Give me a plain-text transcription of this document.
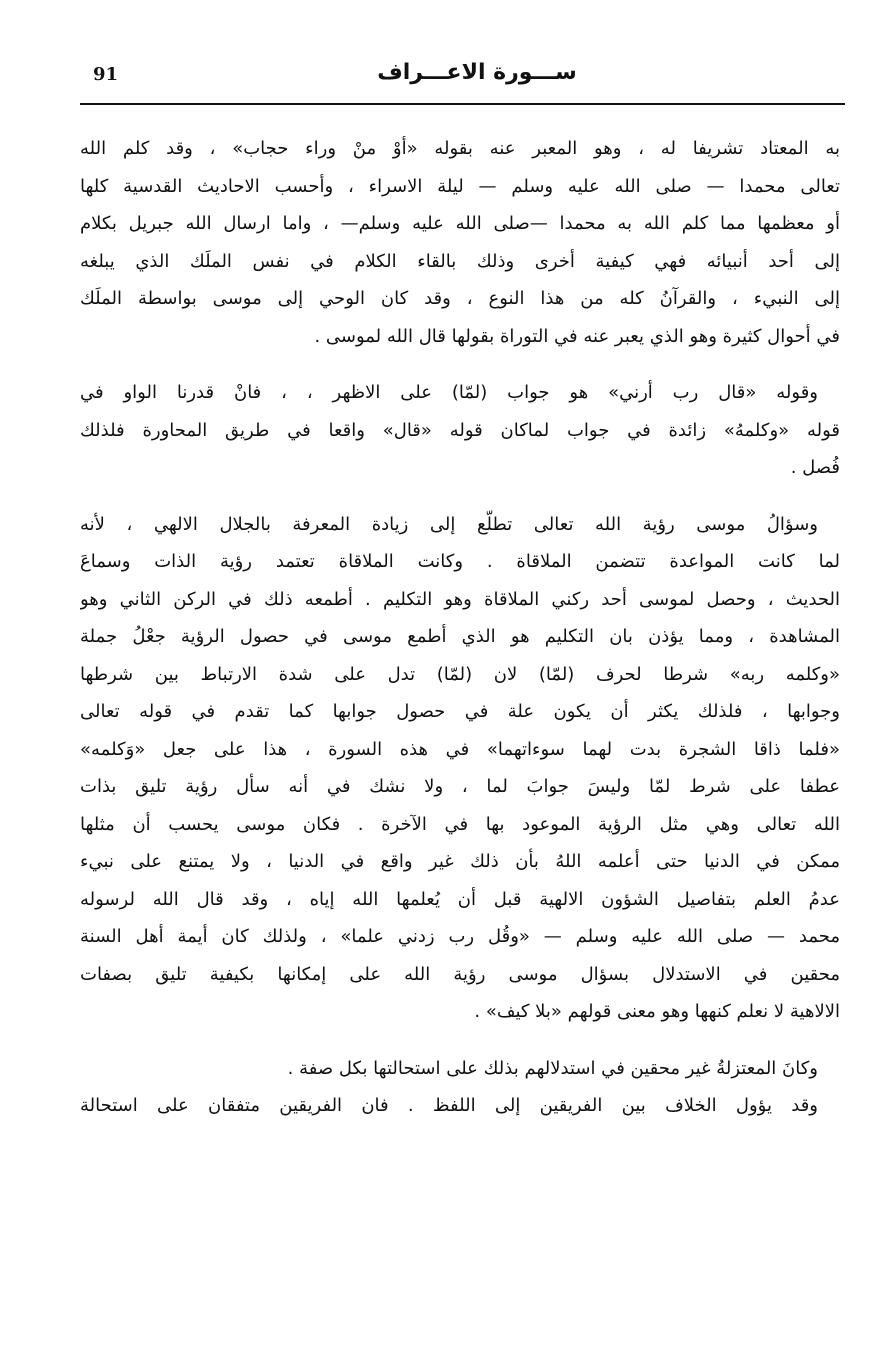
91	ســـورة الاعـــراف
به المعتاد تشريفا له ، وهو المعبر عنه بقوله «أوْ منْ وراء حجاب» ، وقد كلم الله
تعالى محمدا — صلى الله عليه وسلم — ليلة الاسراء ، وأحسب الاحاديث القدسية كلها
أو معظمها مما كلم الله به محمدا —صلى الله عليه وسلم— ، واما ارسال الله جبريل بكلام
إلى أحد أنبيائه فهي كيفية أخرى وذلك بالقاء الكلام في نفس الملَك الذي يبلغه
إلى النبيء ، والقرآنُ كله من هذا النوع ، وقد كان الوحي إلى موسى بواسطة الملَك
في أحوال كثيرة وهو الذي يعبر عنه في التوراة بقولها قال الله لموسى .
وقوله «قال رب أرني» هو جواب (لمّا) على الاظهر ، ، فانْ قدرنا الواو في
قوله «وكلمهُ» زائدة في جواب لماكان قوله «قال» واقعا في طريق المحاورة فلذلك
فُصل .
وسؤالُ موسى رؤية الله تعالى تطلّع إلى زيادة المعرفة بالجلال الالهي ، لأنه
لما كانت المواعدة تتضمن الملاقاة . وكانت الملاقاة تعتمد رؤية الذات وسماعَ
الحديث ، وحصل لموسى أحد ركني الملاقاة وهو التكليم . أطمعه ذلك في الركن الثاني وهو
المشاهدة ، ومما يؤذن بان التكليم هو الذي أطمع موسى في حصول الرؤية جعْلُ جملة
«وكلمه ربه» شرطا لحرف (لمّا) لان (لمّا) تدل على شدة الارتباط بين شرطها
وجوابها ، فلذلك يكثر أن يكون علة في حصول جوابها كما تقدم في قوله تعالى
«فلما ذاقا الشجرة بدت لهما سوءاتهما» في هذه السورة ، هذا على جعل «وَكلمه»
عطفا على شرط لمّا وليسَ جوابَ لما ، ولا نشك في أنه سأل رؤية تليق بذات
الله تعالى وهي مثل الرؤية الموعود بها في الآخرة . فكان موسى يحسب أن مثلها
ممكن في الدنيا حتى أعلمه اللهُ بأن ذلك غير واقع في الدنيا ، ولا يمتنع على نبيء
عدمُ العلم بتفاصيل الشؤون الالهية قبل أن يُعلمها الله إياه ، وقد قال الله لرسوله
محمد — صلى الله عليه وسلم — «وقُل رب زدني علما» ، ولذلك كان أيمة أهل السنة
محقين في الاستدلال بسؤال موسى رؤية الله على إمكانها بكيفية تليق بصفات
الالاهية لا نعلم كنهها وهو معنى قولهم «بلا كيف» .
وكانَ المعتزلةُ غير محقين في استدلالهم بذلك على استحالتها بكل صفة .
وقد يؤول الخلاف بين الفريقين إلى اللفظ . فان الفريقين متفقان على استحالة
